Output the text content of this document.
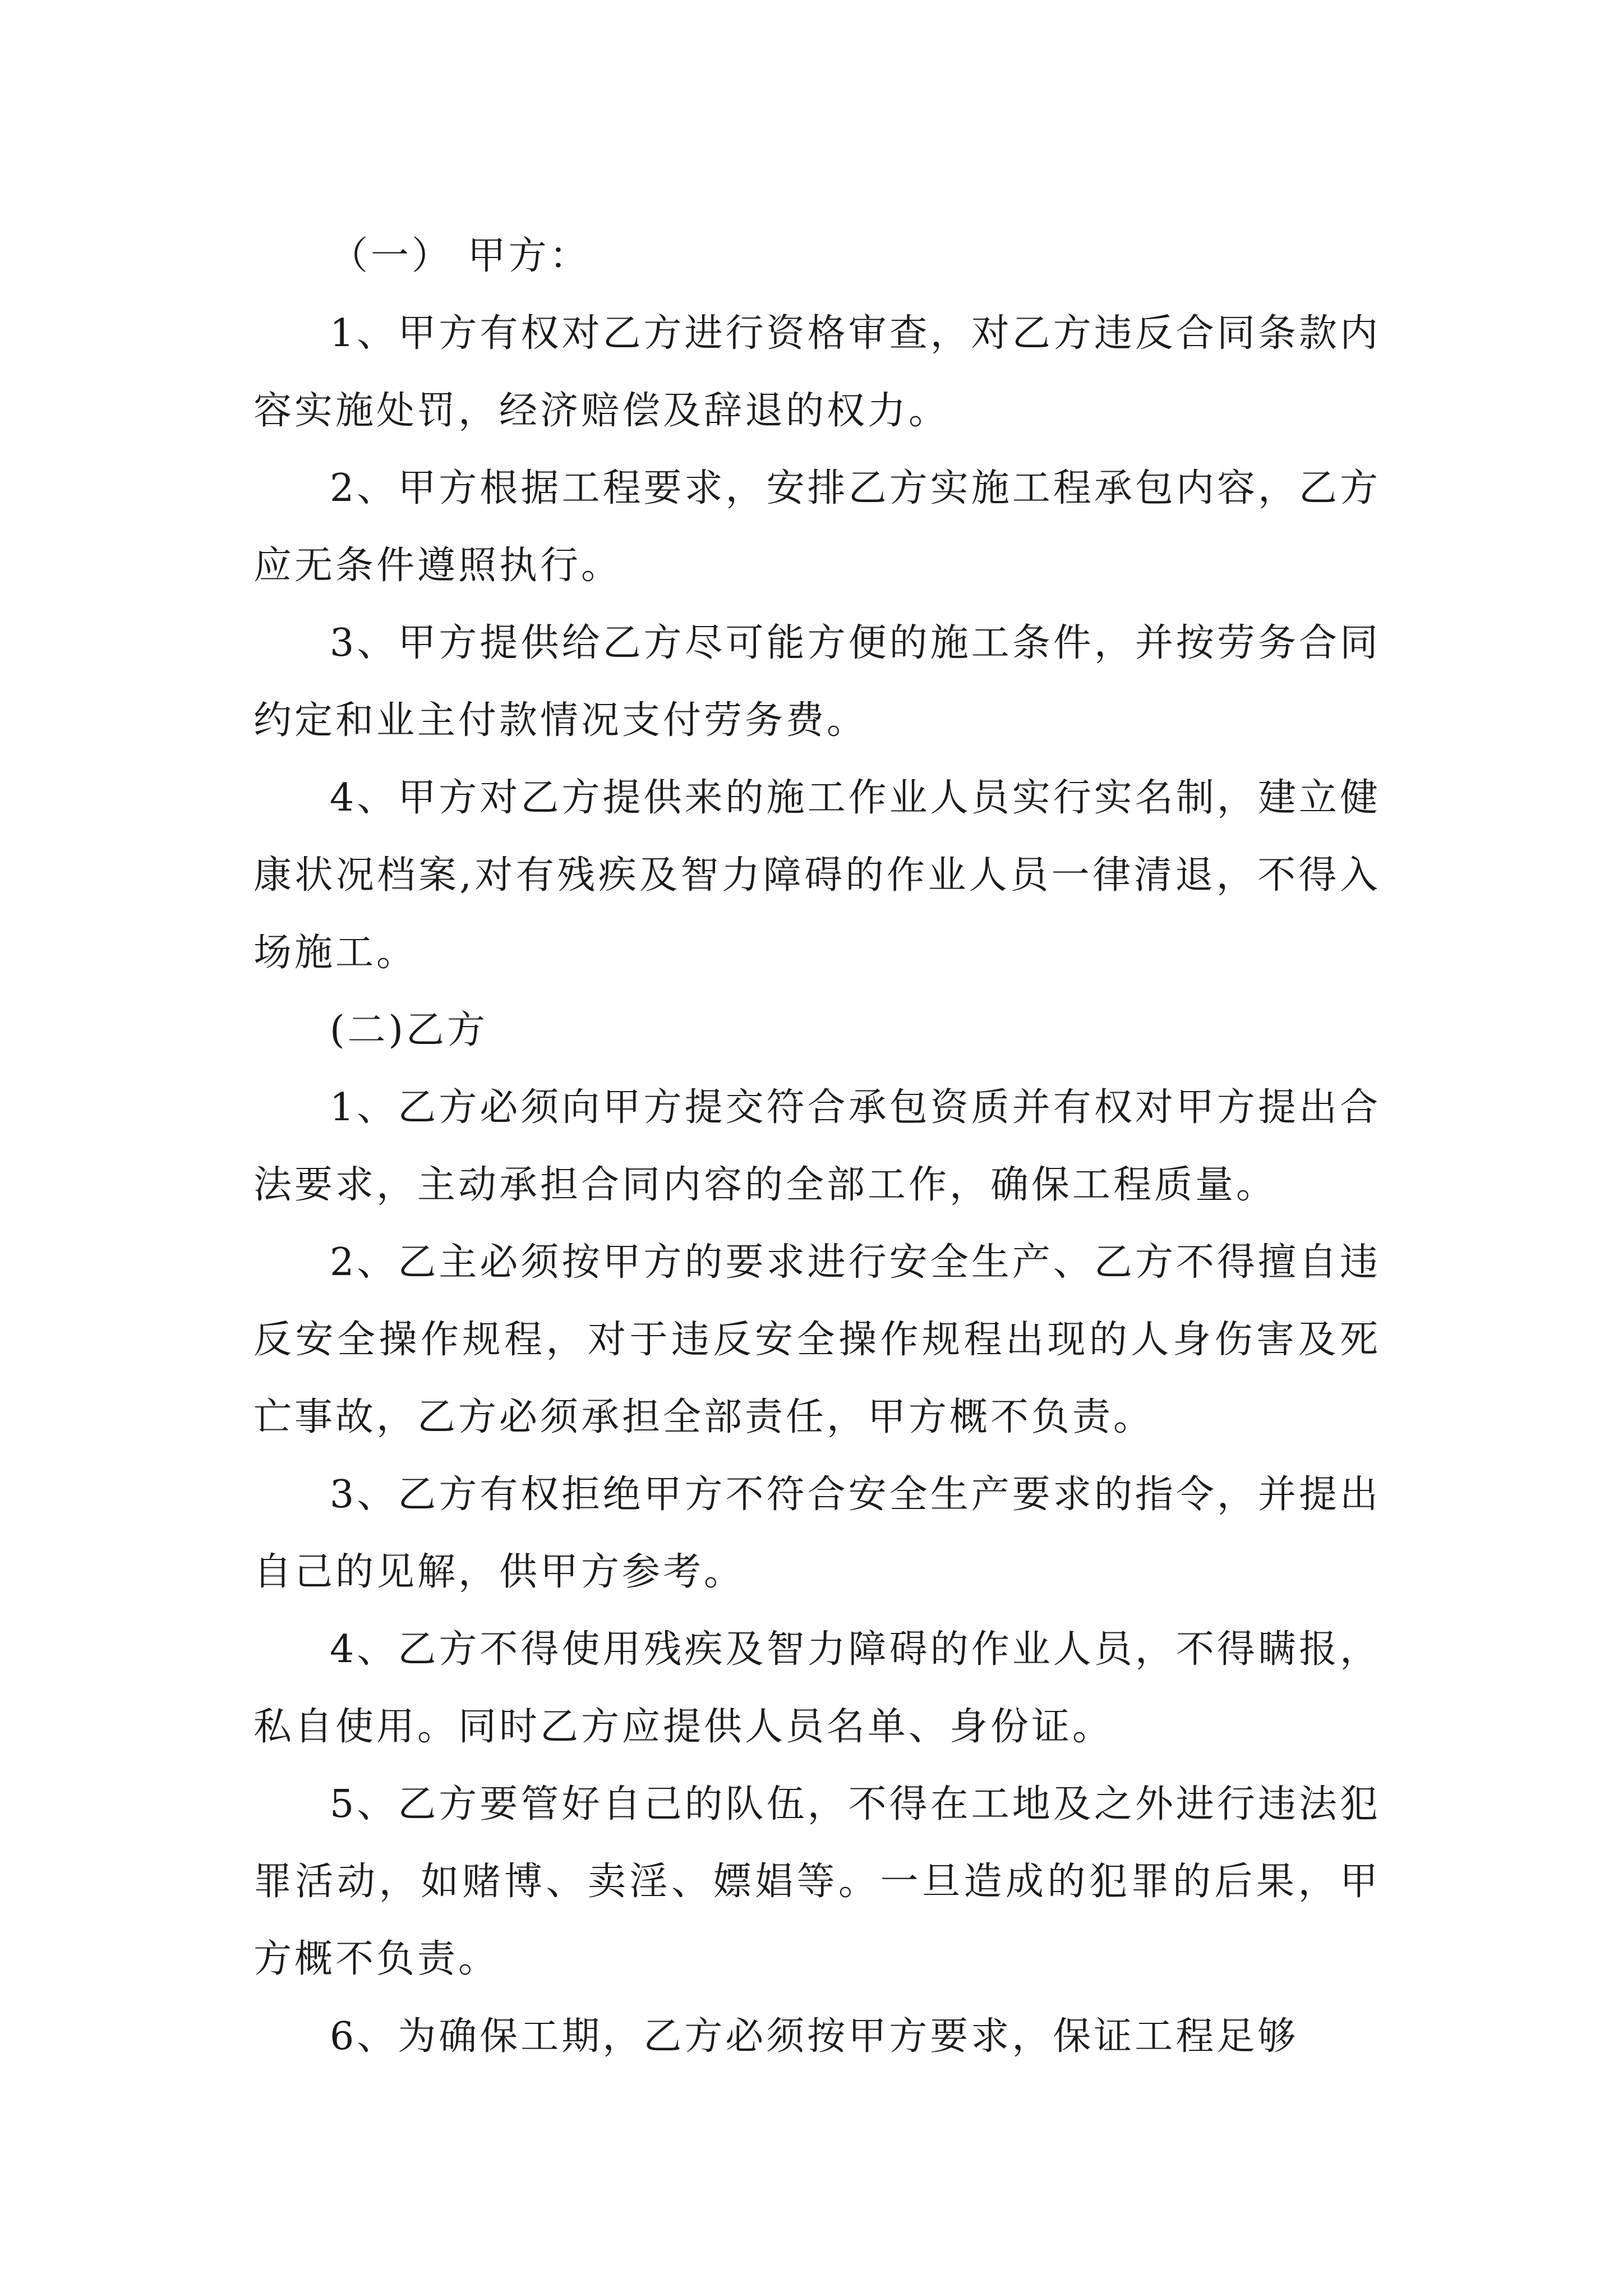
（一） 甲方：

1、甲方有权对乙方进行资格审查，对乙方违反合同条款内容实施处罚，经济赔偿及辞退的权力。

2、甲方根据工程要求，安排乙方实施工程承包内容，乙方应无条件遵照执行。

3、甲方提供给乙方尽可能方便的施工条件，并按劳务合同约定和业主付款情况支付劳务费。

4、甲方对乙方提供来的施工作业人员实行实名制，建立健康状况档案,对有残疾及智力障碍的作业人员一律清退，不得入场施工。

(二)乙方

1、乙方必须向甲方提交符合承包资质并有权对甲方提出合法要求，主动承担合同内容的全部工作，确保工程质量。

2、乙主必须按甲方的要求进行安全生产、乙方不得擅自违反安全操作规程，对于违反安全操作规程出现的人身伤害及死亡事故，乙方必须承担全部责任，甲方概不负责。

3、乙方有权拒绝甲方不符合安全生产要求的指令，并提出自己的见解，供甲方参考。

4、乙方不得使用残疾及智力障碍的作业人员，不得瞒报，私自使用。同时乙方应提供人员名单、身份证。

5、乙方要管好自己的队伍，不得在工地及之外进行违法犯罪活动，如赌博、卖淫、嫖娼等。一旦造成的犯罪的后果，甲方概不负责。

6、为确保工期，乙方必须按甲方要求，保证工程足够
